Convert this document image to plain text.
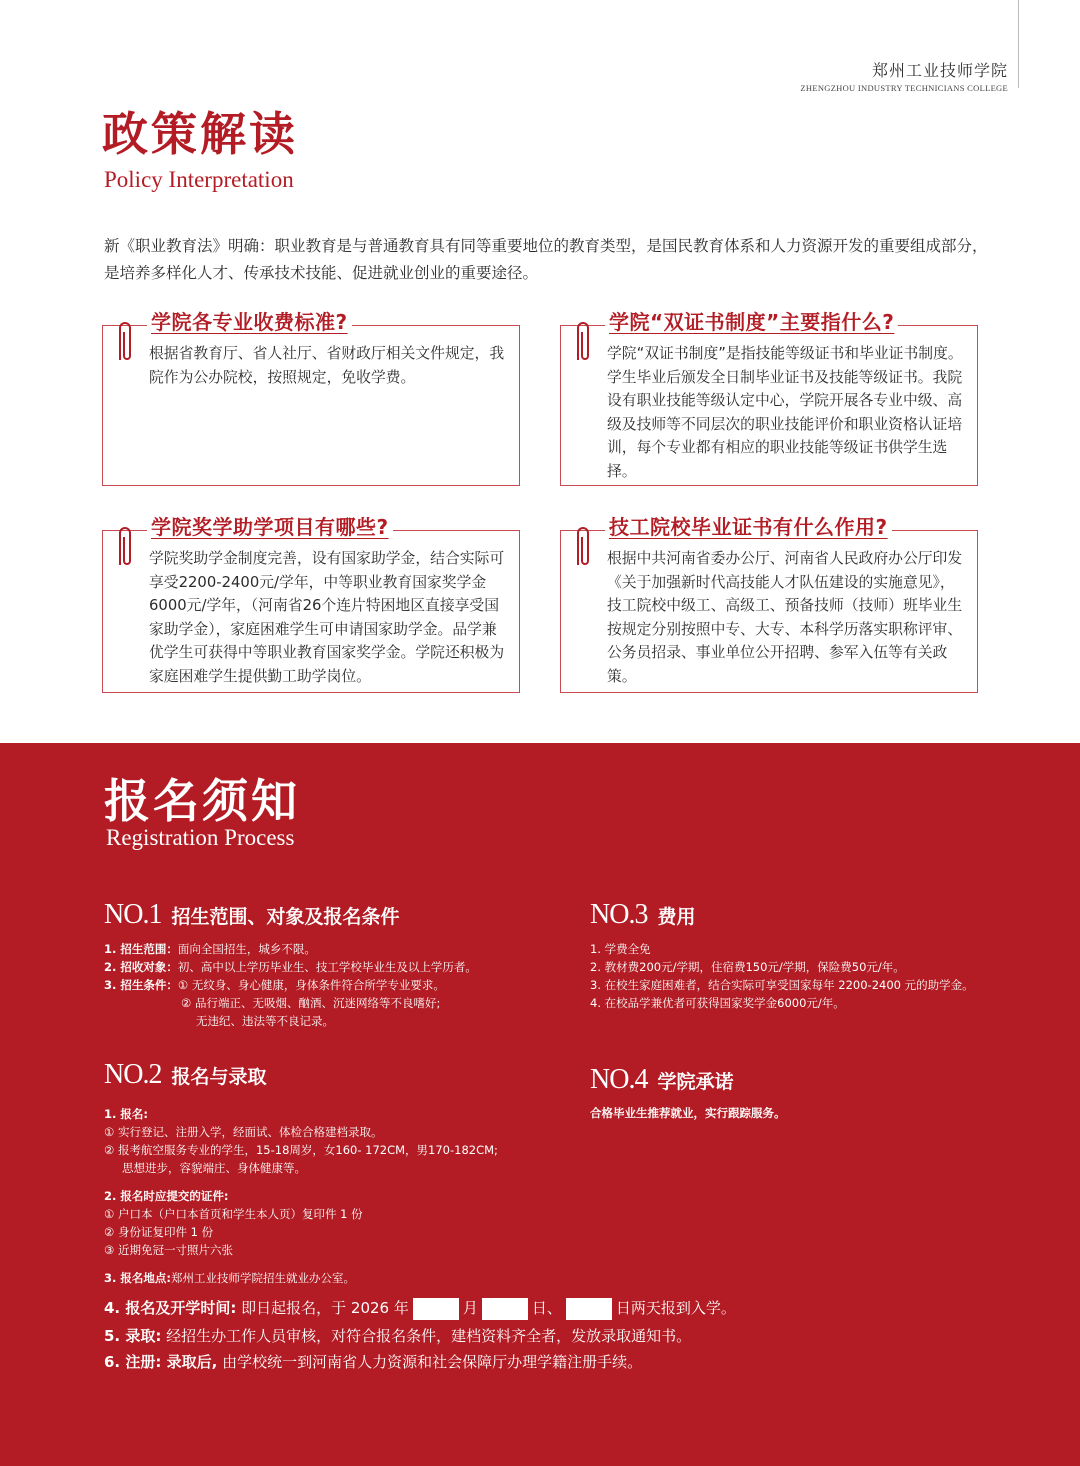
郑州工业技师学院
ZHENGZHOU INDUSTRY TECHNICIANS COLLEGE
政策解读
Policy Interpretation
新《职业教育法》明确：职业教育是与普通教育具有同等重要地位的教育类型，是国民教育体系和人力资源开发的重要组成部分，是培养多样化人才、传承技术技能、促进就业创业的重要途径。
学院各专业收费标准?
根据省教育厅、省人社厅、省财政厅相关文件规定，我院作为公办院校，按照规定，免收学费。
学院“双证书制度”主要指什么?
学院“双证书制度”是指技能等级证书和毕业证书制度。学生毕业后颁发全日制毕业证书及技能等级证书。我院设有职业技能等级认定中心，学院开展各专业中级、高级及技师等不同层次的职业技能评价和职业资格认证培训，每个专业都有相应的职业技能等级证书供学生选择。
学院奖学助学项目有哪些?
学院奖助学金制度完善，设有国家助学金，结合实际可享受2200-2400元/学年，中等职业教育国家奖学金6000元/学年，（河南省26个连片特困地区直接享受国家助学金），家庭困难学生可申请国家助学金。品学兼优学生可获得中等职业教育国家奖学金。学院还积极为家庭困难学生提供勤工助学岗位。
技工院校毕业证书有什么作用?
根据中共河南省委办公厅、河南省人民政府办公厅印发《关于加强新时代高技能人才队伍建设的实施意见》，技工院校中级工、高级工、预备技师（技师）班毕业生按规定分别按照中专、大专、本科学历落实职称评审、公务员招录、事业单位公开招聘、参军入伍等有关政策。
报名须知
Registration Process
NO.1 招生范围、对象及报名条件
1. 招生范围：面向全国招生，城乡不限。
2. 招收对象：初、高中以上学历毕业生、技工学校毕业生及以上学历者。
3. 招生条件：① 无纹身、身心健康，身体条件符合所学专业要求。
② 品行端正、无吸烟、酗酒、沉迷网络等不良嗜好;
无违纪、违法等不良记录。
NO.2 报名与录取
1. 报名:
① 实行登记、注册入学，经面试、体检合格建档录取。
② 报考航空服务专业的学生，15-18周岁，女160- 172CM，男170-182CM;
思想进步，容貌端庄、身体健康等。
2. 报名时应提交的证件:
① 户口本（户口本首页和学生本人页）复印件 1 份
② 身份证复印件 1 份
③ 近期免冠一寸照片六张
3. 报名地点:郑州工业技师学院招生就业办公室。
NO.3 费用
1. 学费全免
2. 教材费200元/学期，住宿费150元/学期，保险费50元/年。
3. 在校生家庭困难者，结合实际可享受国家每年 2200-2400 元的助学金。
4. 在校品学兼优者可获得国家奖学金6000元/年。
NO.4 学院承诺
合格毕业生推荐就业，实行跟踪服务。
4. 报名及开学时间: 即日起报名，于 2026 年	月	日、	日两天报到入学。
5. 录取: 经招生办工作人员审核，对符合报名条件，建档资料齐全者，发放录取通知书。
6. 注册: 录取后, 由学校统一到河南省人力资源和社会保障厅办理学籍注册手续。
